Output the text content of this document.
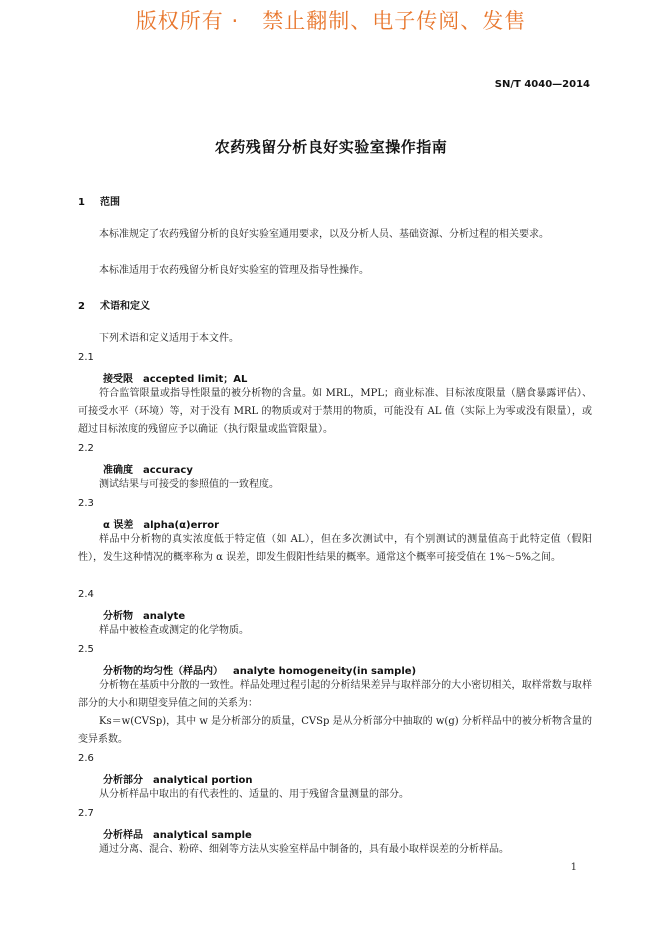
版权所有 ·   禁止翻制、电子传阅、发售
SN/T 4040—2014
农药残留分析良好实验室操作指南
1 范围
本标准规定了农药残留分析的良好实验室通用要求，以及分析人员、基础资源、分析过程的相关要求。
本标准适用于农药残留分析良好实验室的管理及指导性操作。
2 术语和定义
下列术语和定义适用于本文件。
2.1
接受限 accepted limit；AL
符合监管限量或指导性限量的被分析物的含量。如 MRL，MPL；商业标准、目标浓度限量（膳食暴露评估）、可接受水平（环境）等，对于没有 MRL 的物质或对于禁用的物质，可能没有 AL 值（实际上为零或没有限量），或超过目标浓度的残留应予以确证（执行限量或监管限量）。
2.2
准确度 accuracy
测试结果与可接受的参照值的一致程度。
2.3
α 误差 alpha(α)error
样品中分析物的真实浓度低于特定值（如 AL），但在多次测试中，有个别测试的测量值高于此特定值（假阳性），发生这种情况的概率称为 α 误差，即发生假阳性结果的概率。通常这个概率可接受值在 1%～5%之间。
2.4
分析物 analyte
样品中被检查或测定的化学物质。
2.5
分析物的均匀性（样品内） analyte homogeneity(in sample)
分析物在基质中分散的一致性。样品处理过程引起的分析结果差异与取样部分的大小密切相关，取样常数与取样部分的大小和期望变异值之间的关系为：
Ks＝w(CVSp)，其中 w 是分析部分的质量，CVSp 是从分析部分中抽取的 w(g) 分析样品中的被分析物含量的变异系数。
2.6
分析部分 analytical portion
从分析样品中取出的有代表性的、适量的、用于残留含量测量的部分。
2.7
分析样品 analytical sample
通过分离、混合、粉碎、细剁等方法从实验室样品中制备的，具有最小取样误差的分析样品。
1
